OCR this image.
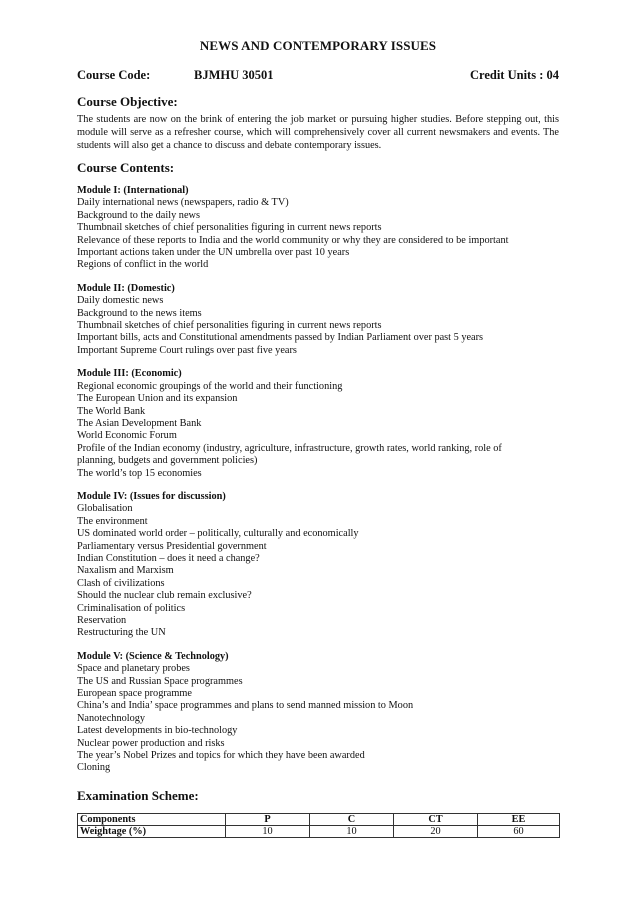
NEWS AND CONTEMPORARY ISSUES
Course Code:	BJMHU 30501	Credit Units : 04
Course Objective:

The students are now on the brink of entering the job market or pursuing higher studies. Before stepping out, this module will serve as a refresher course, which will comprehensively cover all current newsmakers and events. The students will also get a chance to discuss and debate contemporary issues.

Course Contents:
Module I: (International)
Daily international news (newspapers, radio & TV)
Background to the daily news
Thumbnail sketches of chief personalities figuring in current news reports
Relevance of these reports to India and the world community or why they are considered to be important
Important actions taken under the UN umbrella over past 10 years
Regions of conflict in the world
Module II: (Domestic)
Daily domestic news
Background to the news items
Thumbnail sketches of chief personalities figuring in current news reports
Important bills, acts and Constitutional amendments passed by Indian Parliament over past 5 years
Important Supreme Court rulings over past five years
Module III: (Economic)
Regional economic groupings of the world and their functioning
The European Union and its expansion
The World Bank
The Asian Development Bank
World Economic Forum
Profile of the Indian economy (industry, agriculture, infrastructure, growth rates, world ranking, role of
planning, budgets and government policies)
The world’s top 15 economies
Module IV: (Issues for discussion)
Globalisation
The environment
US dominated world order – politically, culturally and economically
Parliamentary versus Presidential government
Indian Constitution – does it need a change?
Naxalism and Marxism
Clash of civilizations
Should the nuclear club remain exclusive?
Criminalisation of politics
Reservation
Restructuring the UN
Module V: (Science & Technology)
Space and planetary probes
The US and Russian Space programmes
European space programme
China’s and India’ space programmes and plans to send manned mission to Moon
Nanotechnology
Latest developments in bio-technology
Nuclear power production and risks
The year’s Nobel Prizes and topics for which they have been awarded
Cloning
Examination Scheme:
Components	P	C	CT	EE
Weightage (%)	10	10	20	60
